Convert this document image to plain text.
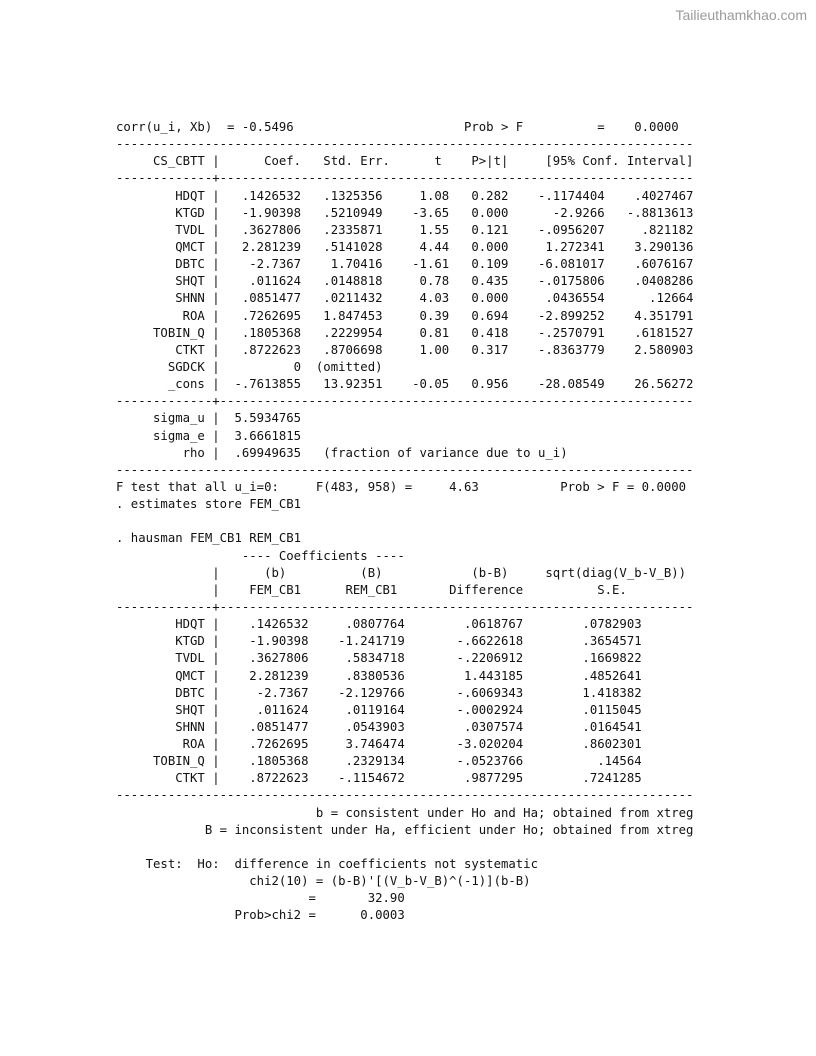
Tailieuthamkhao.com
corr(u_i, Xb)  = -0.5496                       Prob > F          =    0.0000
------------------------------------------------------------------------------
CS_CBTT |      Coef.   Std. Err.      t    P>|t|     [95% Conf. Interval]
-------------+----------------------------------------------------------------
HDQT |   .1426532   .1325356     1.08   0.282    -.1174404    .4027467
KTGD |   -1.90398   .5210949    -3.65   0.000      -2.9266   -.8813613
TVDL |   .3627806   .2335871     1.55   0.121    -.0956207     .821182
QMCT |   2.281239   .5141028     4.44   0.000     1.272341    3.290136
DBTC |    -2.7367    1.70416    -1.61   0.109    -6.081017    .6076167
SHQT |    .011624   .0148818     0.78   0.435    -.0175806    .0408286
SHNN |   .0851477   .0211432     4.03   0.000     .0436554      .12664
ROA |   .7262695   1.847453     0.39   0.694    -2.899252    4.351791
TOBIN_Q |   .1805368   .2229954     0.81   0.418    -.2570791    .6181527
CTKT |   .8722623   .8706698     1.00   0.317    -.8363779    2.580903
SGDCK |          0  (omitted)
_cons |  -.7613855   13.92351    -0.05   0.956    -28.08549    26.56272
-------------+----------------------------------------------------------------
sigma_u |  5.5934765
sigma_e |  3.6661815
rho |  .69949635   (fraction of variance due to u_i)
------------------------------------------------------------------------------
F test that all u_i=0:     F(483, 958) =     4.63           Prob > F = 0.0000
. estimates store FEM_CB1
. hausman FEM_CB1 REM_CB1
---- Coefficients ----
|      (b)          (B)            (b-B)     sqrt(diag(V_b-V_B))
|    FEM_CB1      REM_CB1       Difference          S.E.
-------------+----------------------------------------------------------------
HDQT |    .1426532     .0807764        .0618767        .0782903
KTGD |    -1.90398    -1.241719       -.6622618        .3654571
TVDL |    .3627806     .5834718       -.2206912        .1669822
QMCT |    2.281239     .8380536        1.443185        .4852641
DBTC |     -2.7367    -2.129766       -.6069343        1.418382
SHQT |     .011624     .0119164       -.0002924        .0115045
SHNN |    .0851477     .0543903        .0307574        .0164541
ROA |    .7262695     3.746474       -3.020204        .8602301
TOBIN_Q |    .1805368     .2329134       -.0523766          .14564
CTKT |    .8722623    -.1154672        .9877295        .7241285
------------------------------------------------------------------------------
b = consistent under Ho and Ha; obtained from xtreg
B = inconsistent under Ha, efficient under Ho; obtained from xtreg
Test:  Ho:  difference in coefficients not systematic
chi2(10) = (b-B)'[(V_b-V_B)^(-1)](b-B)
=       32.90
Prob>chi2 =      0.0003
